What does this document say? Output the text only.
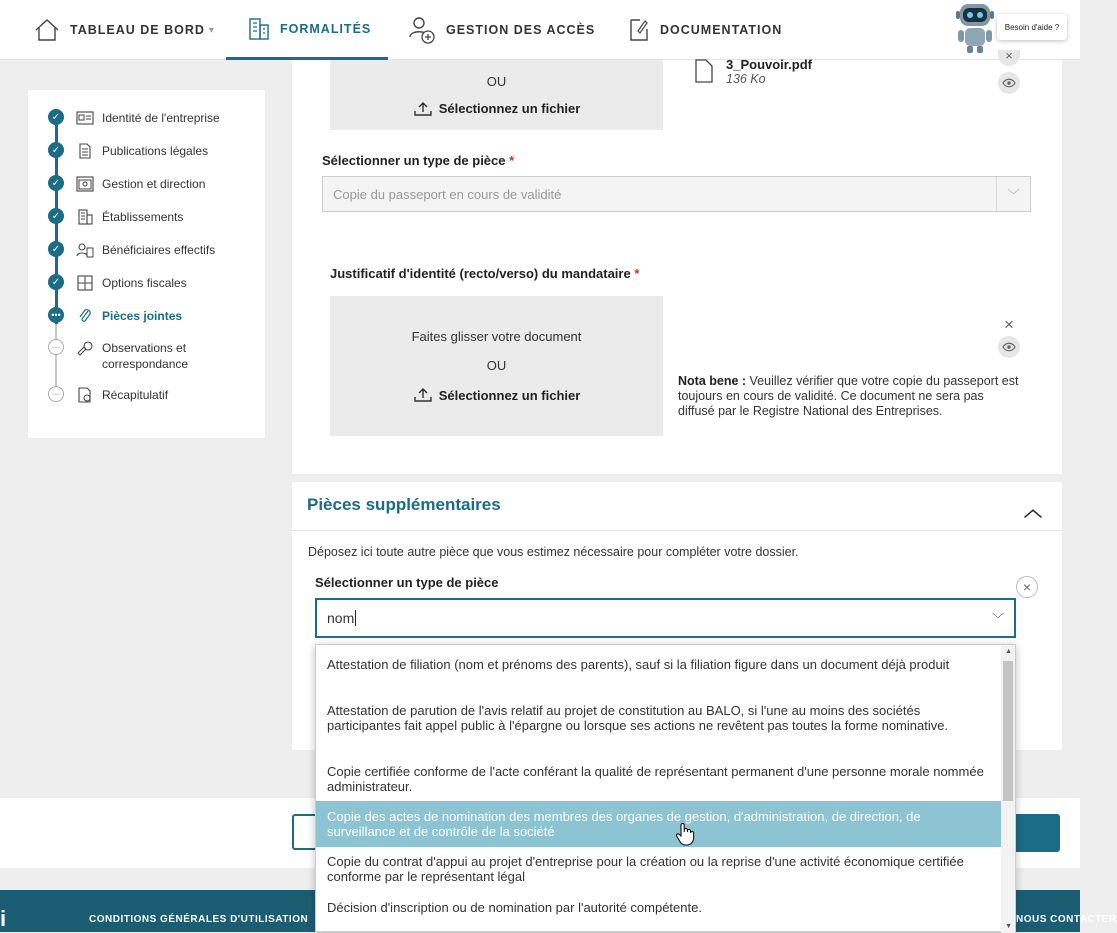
TABLEAU DE BORD ▾	FORMALITÉS	GESTION DES ACCÈS	DOCUMENTATION	Besoin d'aide ?
✓	Identité de l'entreprise
✓	Publications légales
✓	Gestion et direction
✓	Établissements
✓	Bénéficiaires effectifs
✓	Options fiscales
•••	Pièces jointes
···	Observations et correspondance
···	Récapitulatif
OU
Sélectionnez un fichier
3_Pouvoir.pdf
136 Ko
×
Sélectionner un type de pièce *
Copie du passeport en cours de validité	﹀
Justificatif d'identité (recto/verso) du mandataire *
Faites glisser votre document
OU
Sélectionnez un fichier
×
Nota bene : Veuillez vérifier que votre copie du passeport est toujours en cours de validité. Ce document ne sera pas diffusé par le Registre National des Entreprises.
Pièces supplémentaires	︿
Déposez ici toute autre pièce que vous estimez nécessaire pour compléter votre dossier.
Sélectionner un type de pièce	×
nom	﹀
i	CONDITIONS GÉNÉRALES D'UTILISATION	NOUS CONTACTER
Attestation de filiation (nom et prénoms des parents), sauf si la filiation figure dans un document déjà produit
Attestation de parution de l'avis relatif au projet de constitution au BALO, si l'une au moins des sociétés participantes fait appel public à l'épargne ou lorsque ses actions ne revêtent pas toutes la forme nominative.
Copie certifiée conforme de l'acte conférant la qualité de représentant permanent d'une personne morale nommée administrateur.
Copie des actes de nomination des membres des organes de gestion, d'administration, de direction, de surveillance et de contrôle de la société
Copie du contrat d'appui au projet d'entreprise pour la création ou la reprise d'une activité économique certifiée conforme par le représentant légal
Décision d'inscription ou de nomination par l'autorité compétente.
▲
▼
